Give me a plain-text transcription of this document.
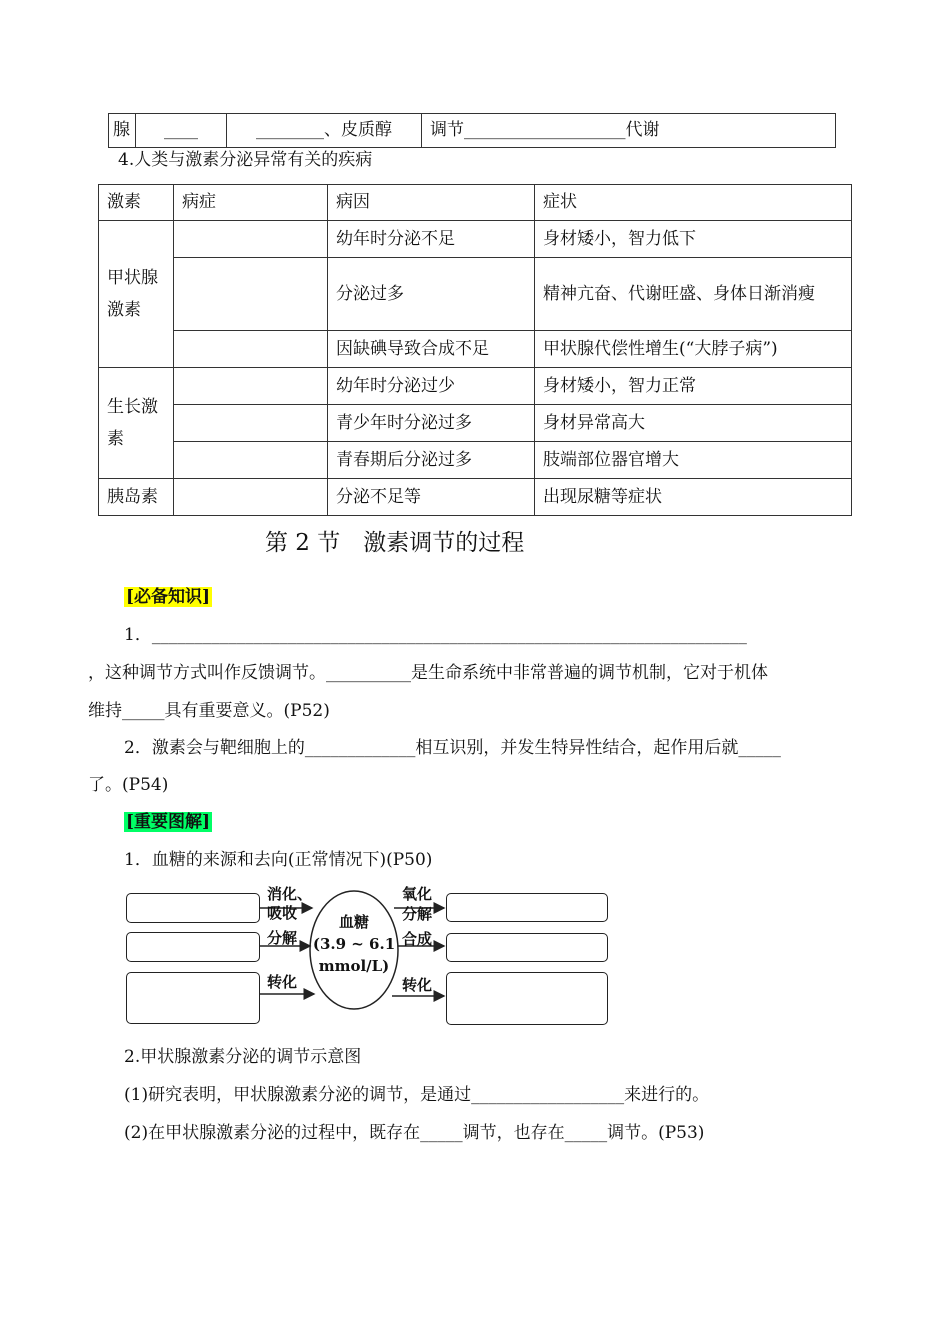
腺	____	________、皮质醇	调节___________________代谢
4.人类与激素分泌异常有关的疾病
激素	病症	病因	症状
甲状腺激素		幼年时分泌不足	身材矮小，智力低下
		分泌过多	精神亢奋、代谢旺盛、身体日渐消瘦
		因缺碘导致合成不足	甲状腺代偿性增生(“大脖子病”)
生长激素		幼年时分泌过少	身材矮小，智力正常
		青少年时分泌过多	身材异常高大
		青春期后分泌过多	肢端部位器官增大
胰岛素		分泌不足等	出现尿糖等症状
第 2 节　激素调节的过程
[必备知识]
1．______________________________________________________________________
，这种调节方式叫作反馈调节。__________是生命系统中非常普遍的调节机制，它对于机体
维持_____具有重要意义。(P52)
2．激素会与靶细胞上的_____________相互识别，并发生特异性结合，起作用后就_____
了。(P54)
[重要图解]
1．血糖的来源和去向(正常情况下)(P50)
消化、
吸收
分解
转化
氧化
分解
合成
转化
血糖
(3.9 ~ 6.1
mmol/L)
2.甲状腺激素分泌的调节示意图
(1)研究表明，甲状腺激素分泌的调节，是通过__________________来进行的。
(2)在甲状腺激素分泌的过程中，既存在_____调节，也存在_____调节。(P53)
